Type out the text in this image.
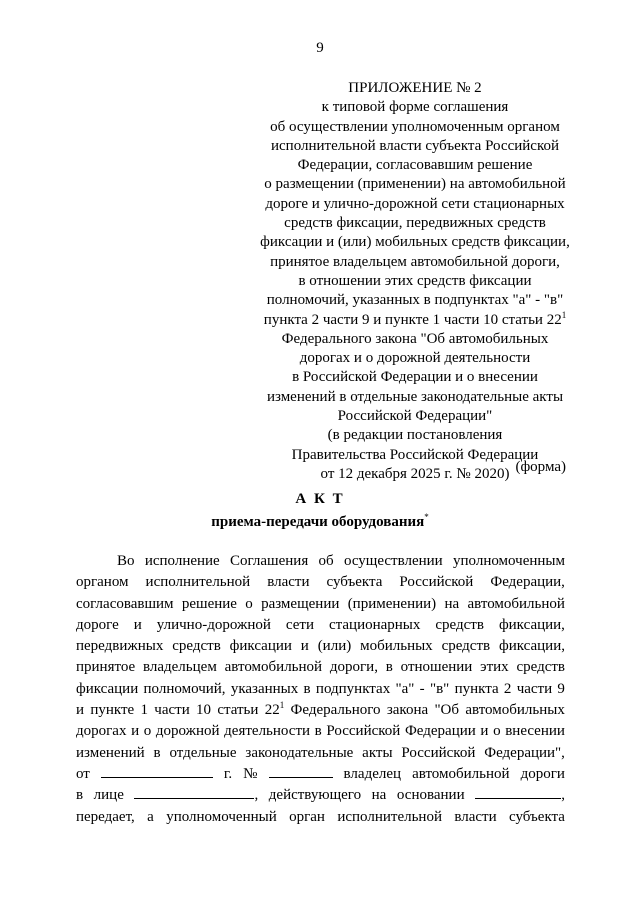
9
ПРИЛОЖЕНИЕ № 2
к типовой форме соглашения
об осуществлении уполномоченным органом
исполнительной власти субъекта Российской
Федерации, согласовавшим решение
о размещении (применении) на автомобильной
дороге и улично-дорожной сети стационарных
средств фиксации, передвижных средств
фиксации и (или) мобильных средств фиксации,
принятое владельцем автомобильной дороги,
в отношении этих средств фиксации
полномочий, указанных в подпунктах "а" - "в"
пункта 2 части 9 и пункте 1 части 10 статьи $22^1$
Федерального закона "Об автомобильных
дорогах и о дорожной деятельности
в Российской Федерации и о внесении
изменений в отдельные законодательные акты
Российской Федерации"
(в редакции постановления
Правительства Российской Федерации
от 12 декабря 2025 г. № 2020) (форма)
А К Т
приема-передачи оборудования*
Во исполнение Соглашения об осуществлении уполномоченным
органом исполнительной власти субъекта Российской Федерации,
согласовавшим решение о размещении (применении) на автомобильной
дороге и улично-дорожной сети стационарных средств фиксации,
передвижных средств фиксации и (или) мобильных средств фиксации,
принятое владельцем автомобильной дороги, в отношении этих средств
фиксации полномочий, указанных в подпунктах "а" - "в" пункта 2 части 9
и пункте 1 части 10 статьи $22^1$ Федерального закона "Об автомобильных
дорогах и о дорожной деятельности в Российской Федерации и о внесении
изменений в отдельные законодательные акты Российской Федерации",
от	г. №	владелец автомобильной дороги
в лице	, действующего на основании	,
передает, а уполномоченный орган исполнительной власти субъекта
